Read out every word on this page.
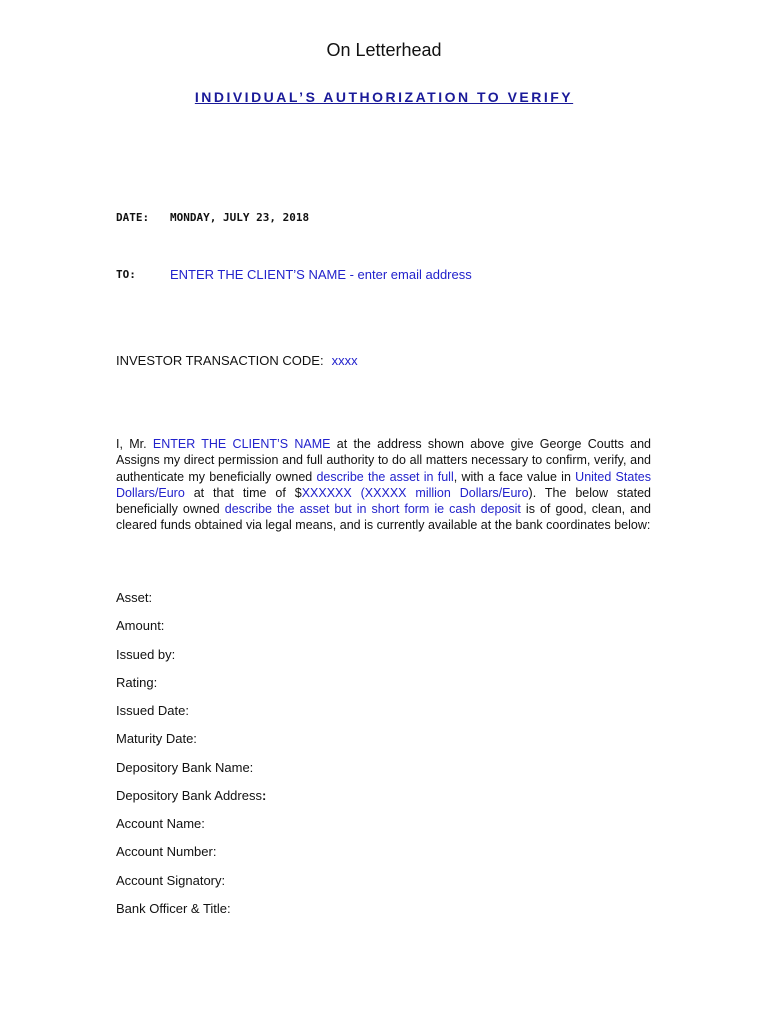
On Letterhead
INDIVIDUAL’S AUTHORIZATION TO VERIFY
DATE: MONDAY, JULY 23, 2018
TO:	ENTER THE CLIENT’S NAME - enter email address
INVESTOR TRANSACTION CODE: xxxx
I, Mr. ENTER THE CLIENT’S NAME at the address shown above give George Coutts and Assigns my direct permission and full authority to do all matters necessary to confirm, verify, and authenticate my beneficially owned describe the asset in full, with a face value in United States Dollars/Euro at that time of $XXXXXX (XXXXX million Dollars/Euro). The below stated beneficially owned describe the asset but in short form ie cash deposit is of good, clean, and cleared funds obtained via legal means, and is currently available at the bank coordinates below:
Asset:
Amount:
Issued by:
Rating:
Issued Date:
Maturity Date:
Depository Bank Name:
Depository Bank Address:
Account Name:
Account Number:
Account Signatory:
Bank Officer & Title:
